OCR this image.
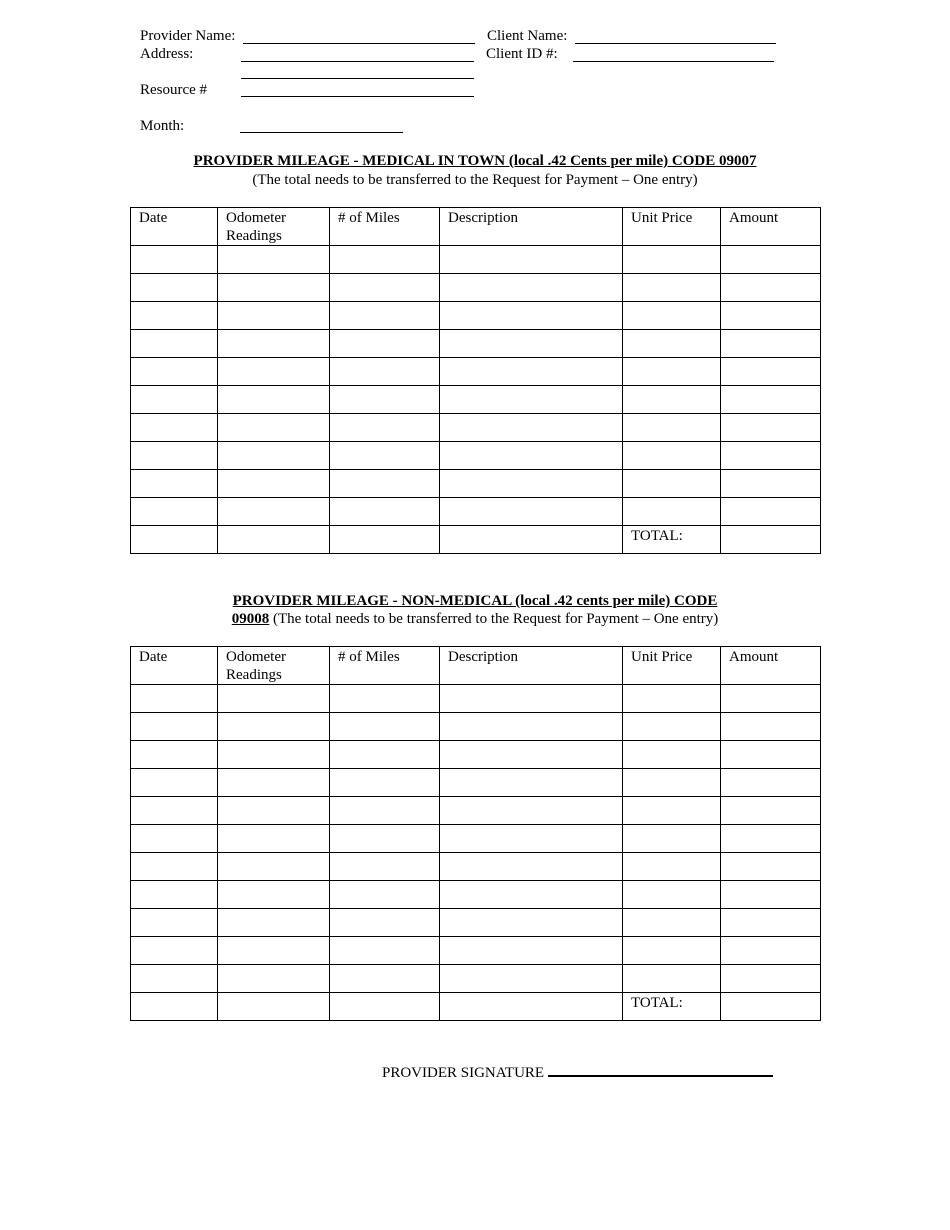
Provider Name:
Address:
Resource #
Month:
Client Name:
Client ID #:
PROVIDER MILEAGE - MEDICAL IN TOWN (local .42 Cents per mile) CODE 09007
(The total needs to be transferred to the Request for Payment – One entry)
Date	Odometer Readings	# of Miles	Description	Unit Price	Amount

				TOTAL:	
PROVIDER MILEAGE - NON-MEDICAL (local .42 cents per mile) CODE
09008 (The total needs to be transferred to the Request for Payment – One entry)
Date	Odometer Readings	# of Miles	Description	Unit Price	Amount

				TOTAL:	
PROVIDER SIGNATURE
